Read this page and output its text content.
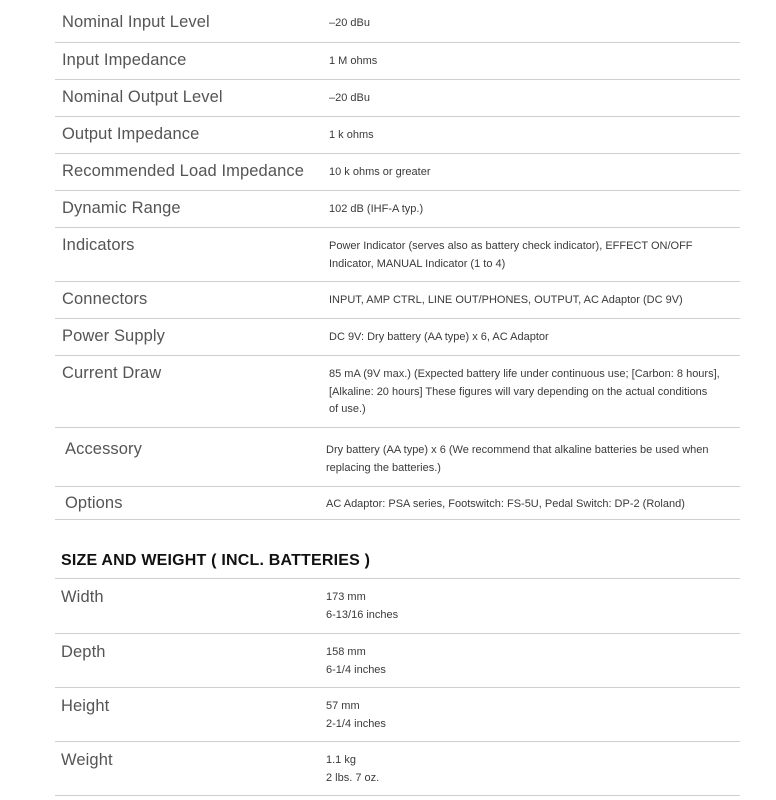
Nominal Input Level	–20 dBu
Input Impedance	1 M ohms
Nominal Output Level	–20 dBu
Output Impedance	1 k ohms
Recommended Load Impedance 10 k ohms or greater
Dynamic Range	102 dB (IHF-A typ.)
Indicators	Power Indicator (serves also as battery check indicator), EFFECT ON/OFF
Indicator, MANUAL Indicator (1 to 4)
Connectors	INPUT, AMP CTRL, LINE OUT/PHONES, OUTPUT, AC Adaptor (DC 9V)
Power Supply	DC 9V: Dry battery (AA type) x 6, AC Adaptor
Current Draw	85 mA (9V max.) (Expected battery life under continuous use; [Carbon: 8 hours],
[Alkaline: 20 hours] These figures will vary depending on the actual conditions
of use.)
Accessory	Dry battery (AA type) x 6 (We recommend that alkaline batteries be used when
replacing the batteries.)
Options	AC Adaptor: PSA series, Footswitch: FS-5U, Pedal Switch: DP-2 (Roland)
SIZE AND WEIGHT ( INCL. BATTERIES )
Width	173 mm
6-13/16 inches
Depth	158 mm
6-1/4 inches
Height	57 mm
2-1/4 inches
Weight	1.1 kg
2 lbs. 7 oz.
